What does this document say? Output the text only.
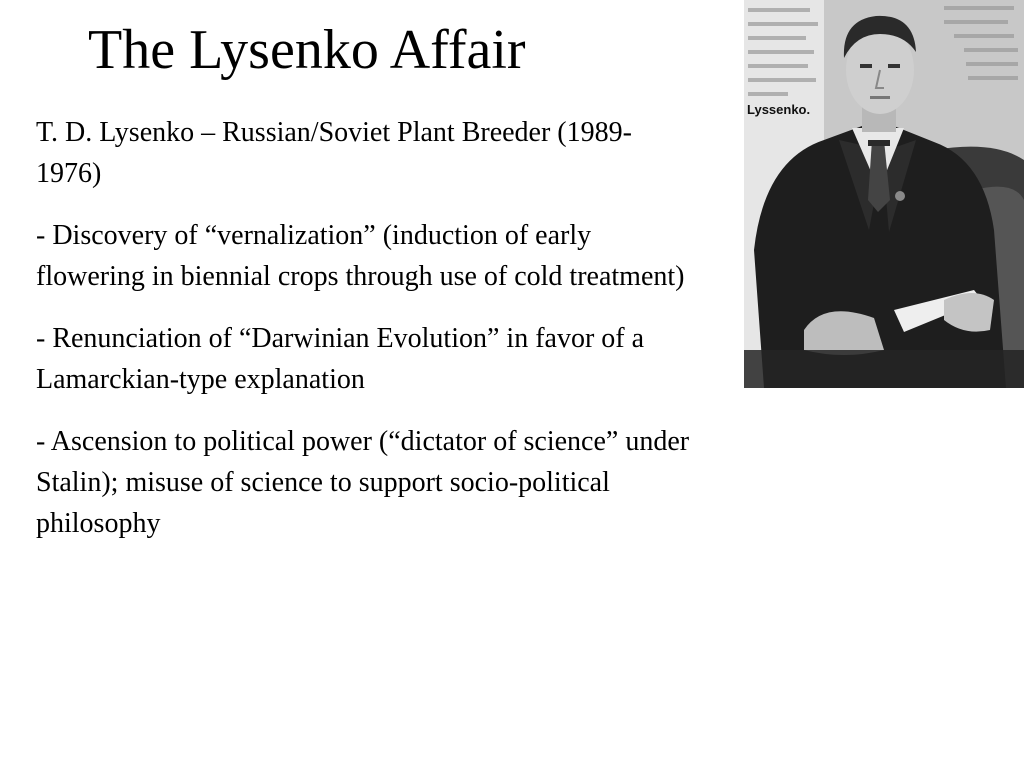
The Lysenko Affair
T. D. Lysenko – Russian/Soviet Plant Breeder (1989-1976)
- Discovery of “vernalization” (induction of early flowering in biennial crops through use of cold treatment)
- Renunciation of “Darwinian Evolution” in favor of a Lamarckian-type explanation
- Ascension to political power (“dictator of science” under Stalin); misuse of science to support socio-political philosophy
Lyssenko.
